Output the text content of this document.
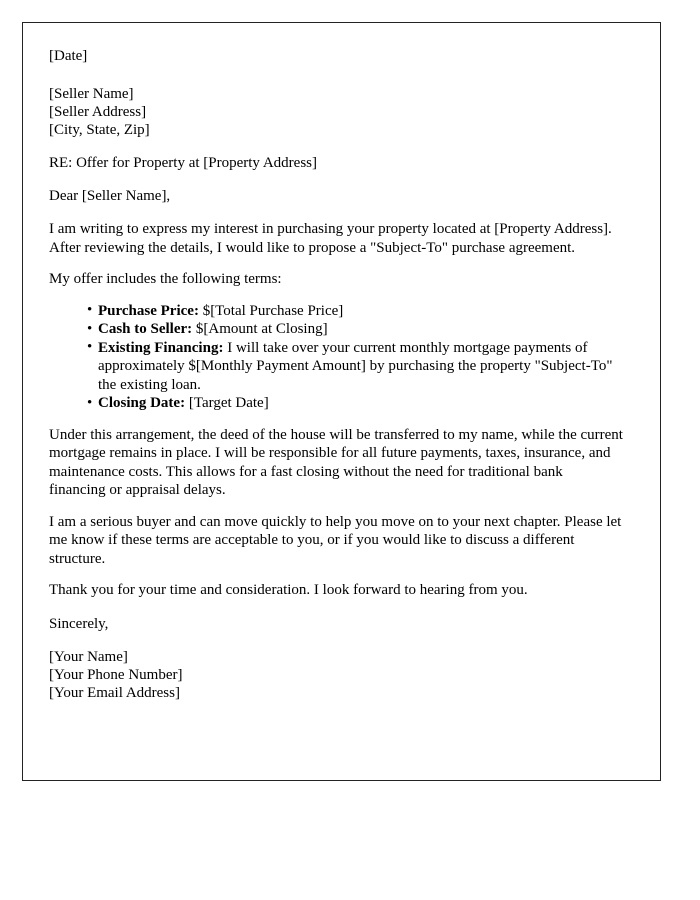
[Date]
[Seller Name]
[Seller Address]
[City, State, Zip]
RE: Offer for Property at [Property Address]
Dear [Seller Name],

I am writing to express my interest in purchasing your property located at [Property Address]. After reviewing the details, I would like to propose a "Subject-To" purchase agreement.

My offer includes the following terms:

• Purchase Price: $[Total Purchase Price]
• Cash to Seller: $[Amount at Closing]
• Existing Financing: I will take over your current monthly mortgage payments of approximately $[Monthly Payment Amount] by purchasing the property "Subject-To" the existing loan.
• Closing Date: [Target Date]

Under this arrangement, the deed of the house will be transferred to my name, while the current mortgage remains in place. I will be responsible for all future payments, taxes, insurance, and maintenance costs. This allows for a fast closing without the need for traditional bank financing or appraisal delays.

I am a serious buyer and can move quickly to help you move on to your next chapter. Please let me know if these terms are acceptable to you, or if you would like to discuss a different structure.

Thank you for your time and consideration. I look forward to hearing from you.

Sincerely,
[Your Name]
[Your Phone Number]
[Your Email Address]
